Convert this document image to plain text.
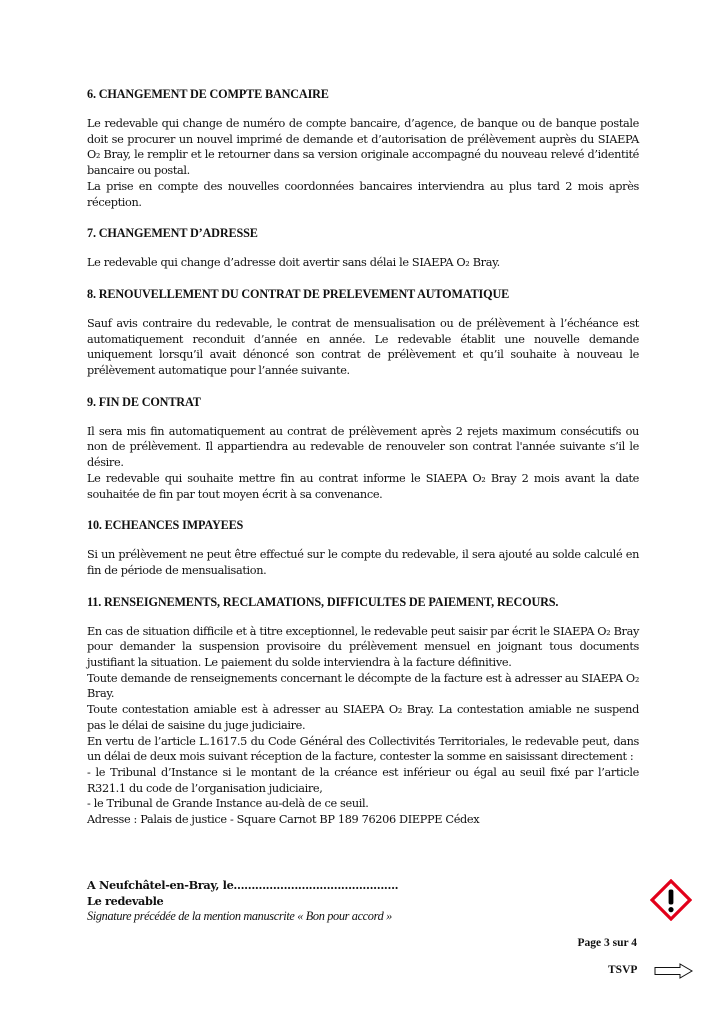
6. CHANGEMENT DE COMPTE BANCAIRE

Le redevable qui change de numéro de compte bancaire, d’agence, de banque ou de banque postale doit se procurer un nouvel imprimé de demande et d’autorisation de prélèvement auprès du SIAEPA O₂ Bray, le remplir et le retourner dans sa version originale accompagné du nouveau relevé d’identité bancaire ou postal.

La prise en compte des nouvelles coordonnées bancaires interviendra au plus tard 2 mois après réception.

7. CHANGEMENT D’ADRESSE

Le redevable qui change d’adresse doit avertir sans délai le SIAEPA O₂ Bray.

8. RENOUVELLEMENT DU CONTRAT DE PRELEVEMENT AUTOMATIQUE

Sauf avis contraire du redevable, le contrat de mensualisation ou de prélèvement à l’échéance est automatiquement reconduit d’année en année. Le redevable établit une nouvelle demande uniquement lorsqu’il avait dénoncé son contrat de prélèvement et qu’il souhaite à nouveau le prélèvement automatique pour l’année suivante.

9. FIN DE CONTRAT

Il sera mis fin automatiquement au contrat de prélèvement après 2 rejets maximum consécutifs ou non de prélèvement. Il appartiendra au redevable de renouveler son contrat l'année suivante s’il le désire.

Le redevable qui souhaite mettre fin au contrat informe le SIAEPA O₂ Bray 2 mois avant la date souhaitée de fin par tout moyen écrit à sa convenance.

10. ECHEANCES IMPAYEES

Si un prélèvement ne peut être effectué sur le compte du redevable, il sera ajouté au solde calculé en fin de période de mensualisation.

11. RENSEIGNEMENTS, RECLAMATIONS, DIFFICULTES DE PAIEMENT, RECOURS.

En cas de situation difficile et à titre exceptionnel, le redevable peut saisir par écrit le SIAEPA O₂ Bray pour demander la suspension provisoire du prélèvement mensuel en joignant tous documents justifiant la situation. Le paiement du solde interviendra à la facture définitive.

Toute demande de renseignements concernant le décompte de la facture est à adresser au SIAEPA O₂ Bray.

Toute contestation amiable est à adresser au SIAEPA O₂ Bray. La contestation amiable ne suspend pas le délai de saisine du juge judiciaire.

En vertu de l’article L.1617.5 du Code Général des Collectivités Territoriales, le redevable peut, dans un délai de deux mois suivant réception de la facture, contester la somme en saisissant directement :

- le Tribunal d’Instance si le montant de la créance est inférieur ou égal au seuil fixé par l’article R321.1 du code de l’organisation judiciaire,

- le Tribunal de Grande Instance au-delà de ce seuil.

Adresse : Palais de justice - Square Carnot BP 189 76206 DIEPPE Cédex

A Neufchâtel-en-Bray, le..............................................
Le redevable
Signature précédée de la mention manuscrite « Bon pour accord »
Page 3 sur 4
TSVP
